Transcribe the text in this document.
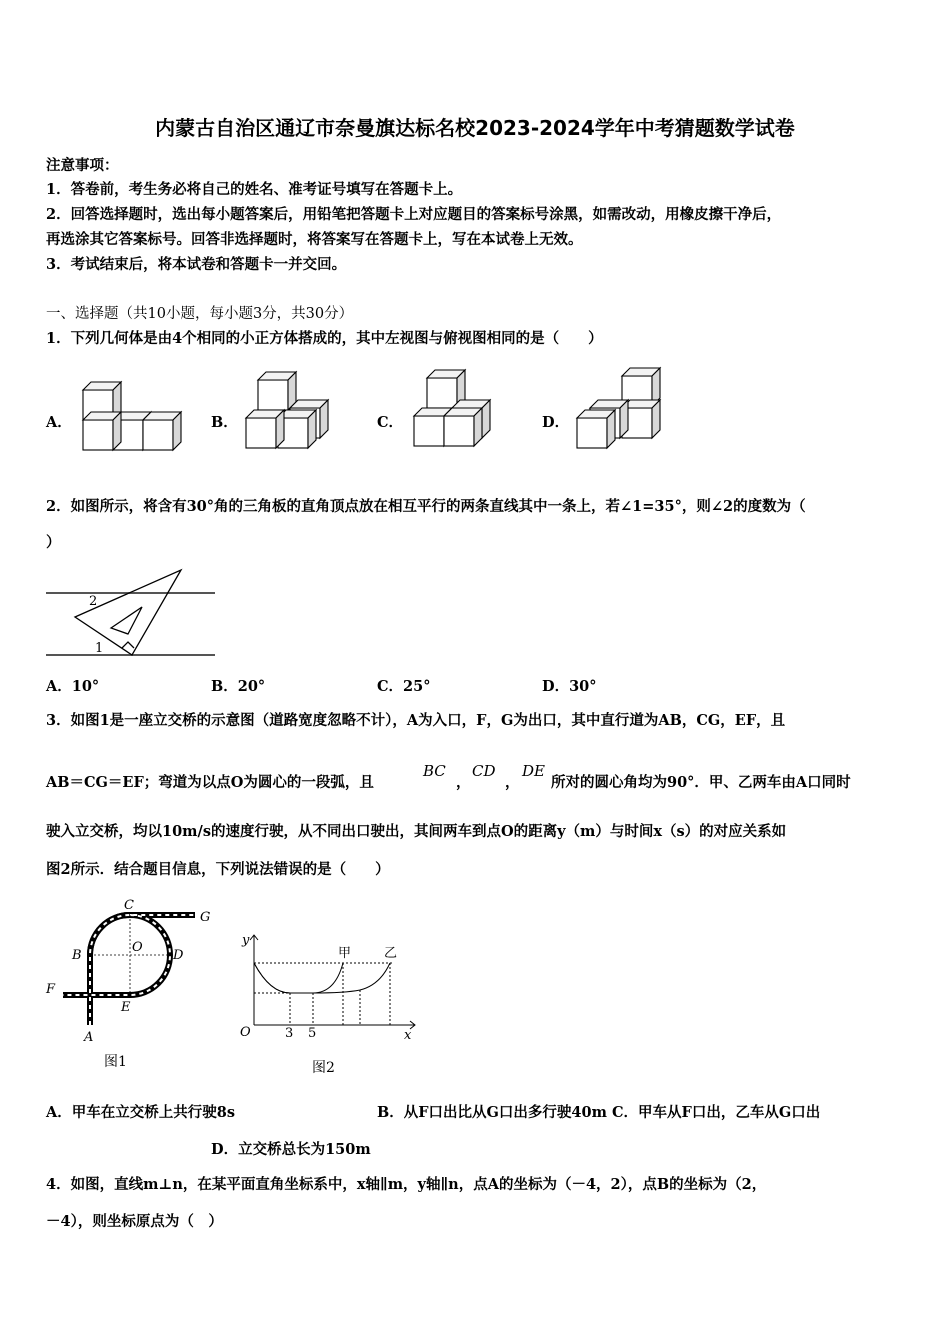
内蒙古自治区通辽市奈曼旗达标名校2023-2024学年中考猜题数学试卷
注意事项：
1．答卷前，考生务必将自己的姓名、准考证号填写在答题卡上。
2．回答选择题时，选出每小题答案后，用铅笔把答题卡上对应题目的答案标号涂黑，如需改动，用橡皮擦干净后，
再选涂其它答案标号。回答非选择题时，将答案写在答题卡上，写在本试卷上无效。
3．考试结束后，将本试卷和答题卡一并交回。
一、选择题（共10小题，每小题3分，共30分）
1．下列几何体是由4个相同的小正方体搭成的，其中左视图与俯视图相同的是（　　）
A．	B．	C．	D．
2
1
C
G
B
O
D
F
E
A
图1
y
x
O	3 5
甲	乙
图2
2．如图所示，将含有30°角的三角板的直角顶点放在相互平行的两条直线其中一条上，若∠1=35°，则∠2的度数为（
）
A．10°	B．20°	C．25°	D．30°
3．如图1是一座立交桥的示意图（道路宽度忽略不计），A为入口，F，G为出口，其中直行道为AB，CG，EF，且
AB＝CG＝EF；弯道为以点O为圆心的一段弧，且
BC
，
CD
，
DE
所对的圆心角均为90°．甲、乙两车由A口同时
驶入立交桥，均以10m/s的速度行驶，从不同出口驶出，其间两车到点O的距离y（m）与时间x（s）的对应关系如
图2所示．结合题目信息，下列说法错误的是（　　）
A．甲车在立交桥上共行驶8s	B．从F口出比从G口出多行驶40m C．甲车从F口出，乙车从G口出
D．立交桥总长为150m
4．如图，直线m⊥n，在某平面直角坐标系中，x轴∥m，y轴∥n，点A的坐标为（－4，2），点B的坐标为（2，
－4），则坐标原点为（　）
